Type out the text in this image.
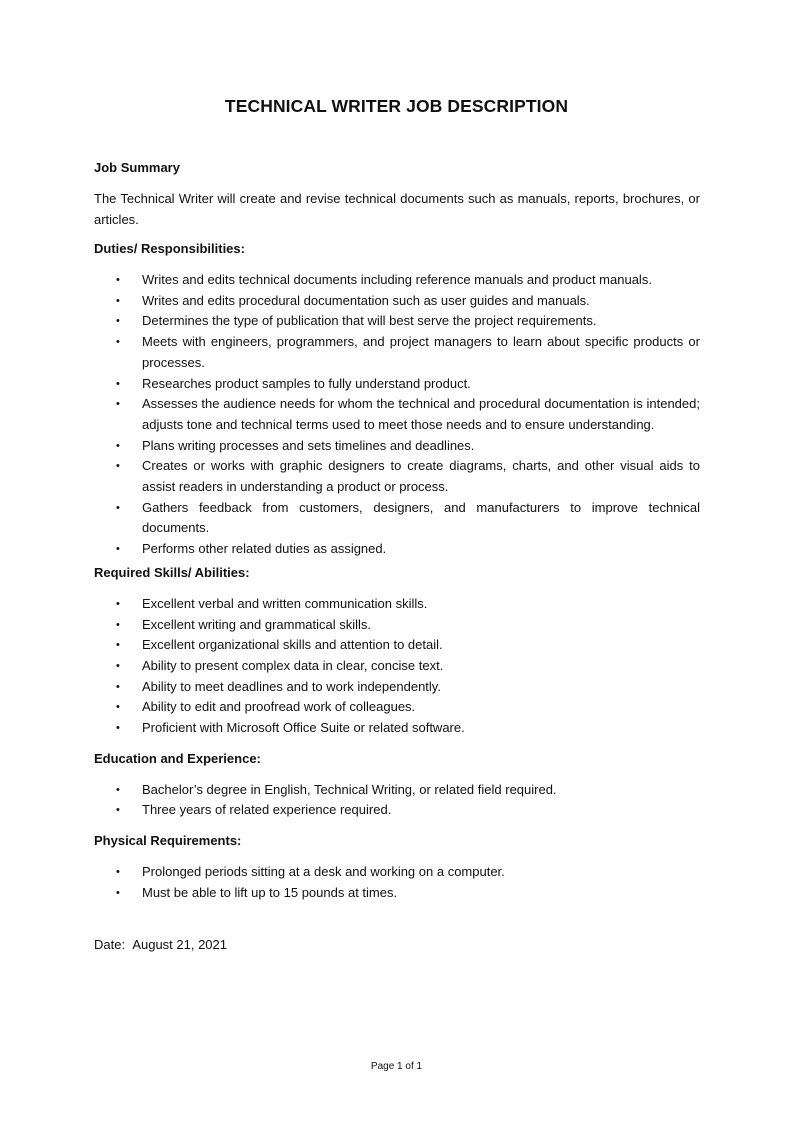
TECHNICAL WRITER JOB DESCRIPTION

Job Summary

The Technical Writer will create and revise technical documents such as manuals, reports, brochures, or articles.

Duties/ Responsibilities:

• Writes and edits technical documents including reference manuals and product manuals.
• Writes and edits procedural documentation such as user guides and manuals.
• Determines the type of publication that will best serve the project requirements.
• Meets with engineers, programmers, and project managers to learn about specific products or processes.
• Researches product samples to fully understand product.
• Assesses the audience needs for whom the technical and procedural documentation is intended; adjusts tone and technical terms used to meet those needs and to ensure understanding.
• Plans writing processes and sets timelines and deadlines.
• Creates or works with graphic designers to create diagrams, charts, and other visual aids to assist readers in understanding a product or process.
• Gathers feedback from customers, designers, and manufacturers to improve technical documents.
• Performs other related duties as assigned.

Required Skills/ Abilities:

• Excellent verbal and written communication skills.
• Excellent writing and grammatical skills.
• Excellent organizational skills and attention to detail.
• Ability to present complex data in clear, concise text.
• Ability to meet deadlines and to work independently.
• Ability to edit and proofread work of colleagues.
• Proficient with Microsoft Office Suite or related software.

Education and Experience:

• Bachelor’s degree in English, Technical Writing, or related field required.
• Three years of related experience required.

Physical Requirements:

• Prolonged periods sitting at a desk and working on a computer.
• Must be able to lift up to 15 pounds at times.
Date: August 21, 2021
Page 1 of 1
